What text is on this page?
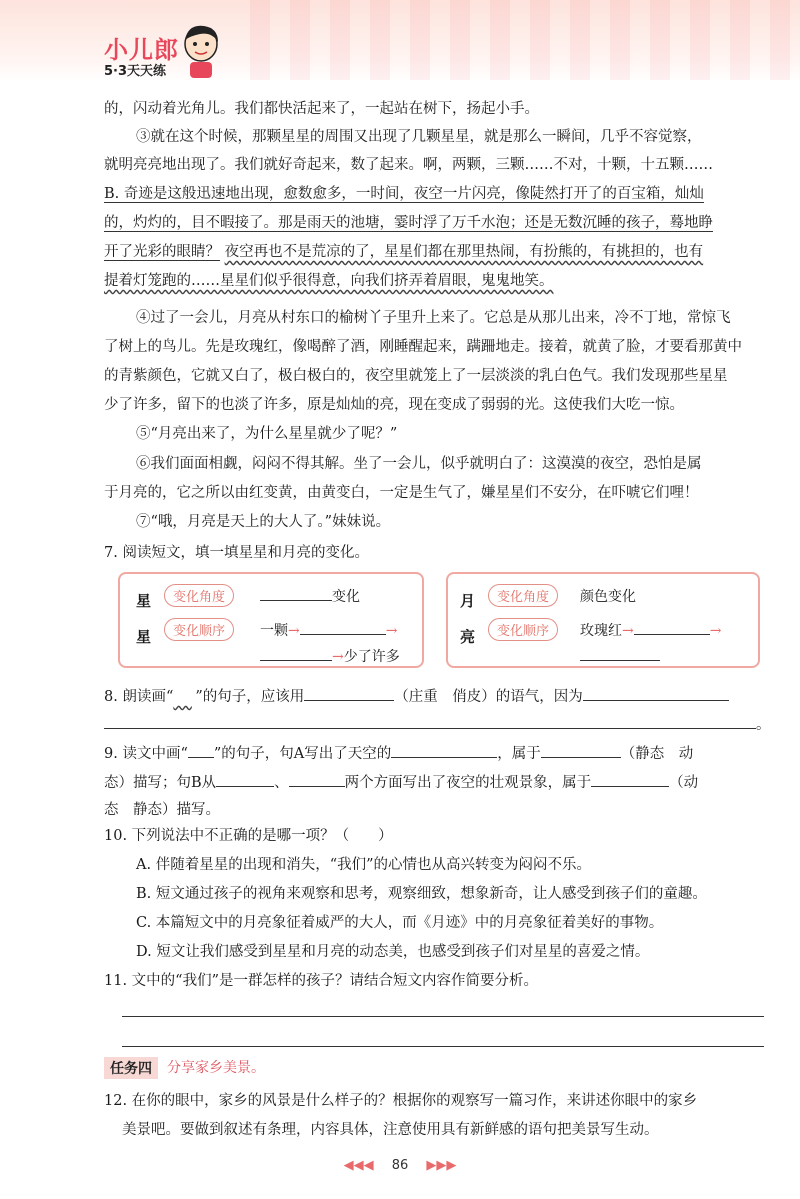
小儿郎
5·3天天练
的，闪动着光角儿。我们都快活起来了，一起站在树下，扬起小手。
③就在这个时候，那颗星星的周围又出现了几颗星星，就是那么一瞬间，几乎不容觉察，
就明亮亮地出现了。我们就好奇起来，数了起来。啊，两颗，三颗……不对，十颗，十五颗……
B. 奇迹是这般迅速地出现，愈数愈多，一时间，夜空一片闪亮，像陡然打开了的百宝箱，灿灿
的，灼灼的，目不暇接了。那是雨天的池塘，霎时浮了万千水泡；还是无数沉睡的孩子，蓦地睁
开了光彩的眼睛？ 夜空再也不是荒凉的了，星星们都在那里热闹，有扮熊的，有挑担的，也有
提着灯笼跑的……星星们似乎很得意，向我们挤弄着眉眼，鬼鬼地笑。
④过了一会儿，月亮从村东口的榆树丫子里升上来了。它总是从那儿出来，冷不丁地，常惊飞
了树上的鸟儿。先是玫瑰红，像喝醉了酒，刚睡醒起来，蹒跚地走。接着，就黄了脸，才要看那黄中
的青紫颜色，它就又白了，极白极白的，夜空里就笼上了一层淡淡的乳白色气。我们发现那些星星
少了许多，留下的也淡了许多，原是灿灿的亮，现在变成了弱弱的光。这使我们大吃一惊。
⑤“月亮出来了，为什么星星就少了呢？”
⑥我们面面相觑，闷闷不得其解。坐了一会儿，似乎就明白了：这漠漠的夜空，恐怕是属
于月亮的，它之所以由红变黄，由黄变白，一定是生气了，嫌星星们不安分，在吓唬它们哩！
⑦“哦，月亮是天上的大人了。”妹妹说。
7. 阅读短文，填一填星星和月亮的变化。
星
星
变化角度	变化
变化顺序	一颗→	→
→少了许多
月
亮
变化角度	颜色变化
变化顺序	玫瑰红→	→
8. 朗读画“ ”的句子，应该用	（庄重　俏皮）的语气，因为
。
9. 读文中画“ ”的句子，句A写出了天空的	，属于	（静态　动
态）描写；句B从	、	两个方面写出了夜空的壮观景象，属于	（动
态　静态）描写。
10. 下列说法中不正确的是哪一项？（　　）
A. 伴随着星星的出现和消失，“我们”的心情也从高兴转变为闷闷不乐。
B. 短文通过孩子的视角来观察和思考，观察细致，想象新奇，让人感受到孩子们的童趣。
C. 本篇短文中的月亮象征着威严的大人，而《月迹》中的月亮象征着美好的事物。
D. 短文让我们感受到星星和月亮的动态美，也感受到孩子们对星星的喜爱之情。
11. 文中的“我们”是一群怎样的孩子？请结合短文内容作简要分析。
任务四	分享家乡美景。
12. 在你的眼中，家乡的风景是什么样子的？根据你的观察写一篇习作，来讲述你眼中的家乡
美景吧。要做到叙述有条理，内容具体，注意使用具有新鲜感的语句把美景写生动。
◀◀◀ 86 ▶▶▶
